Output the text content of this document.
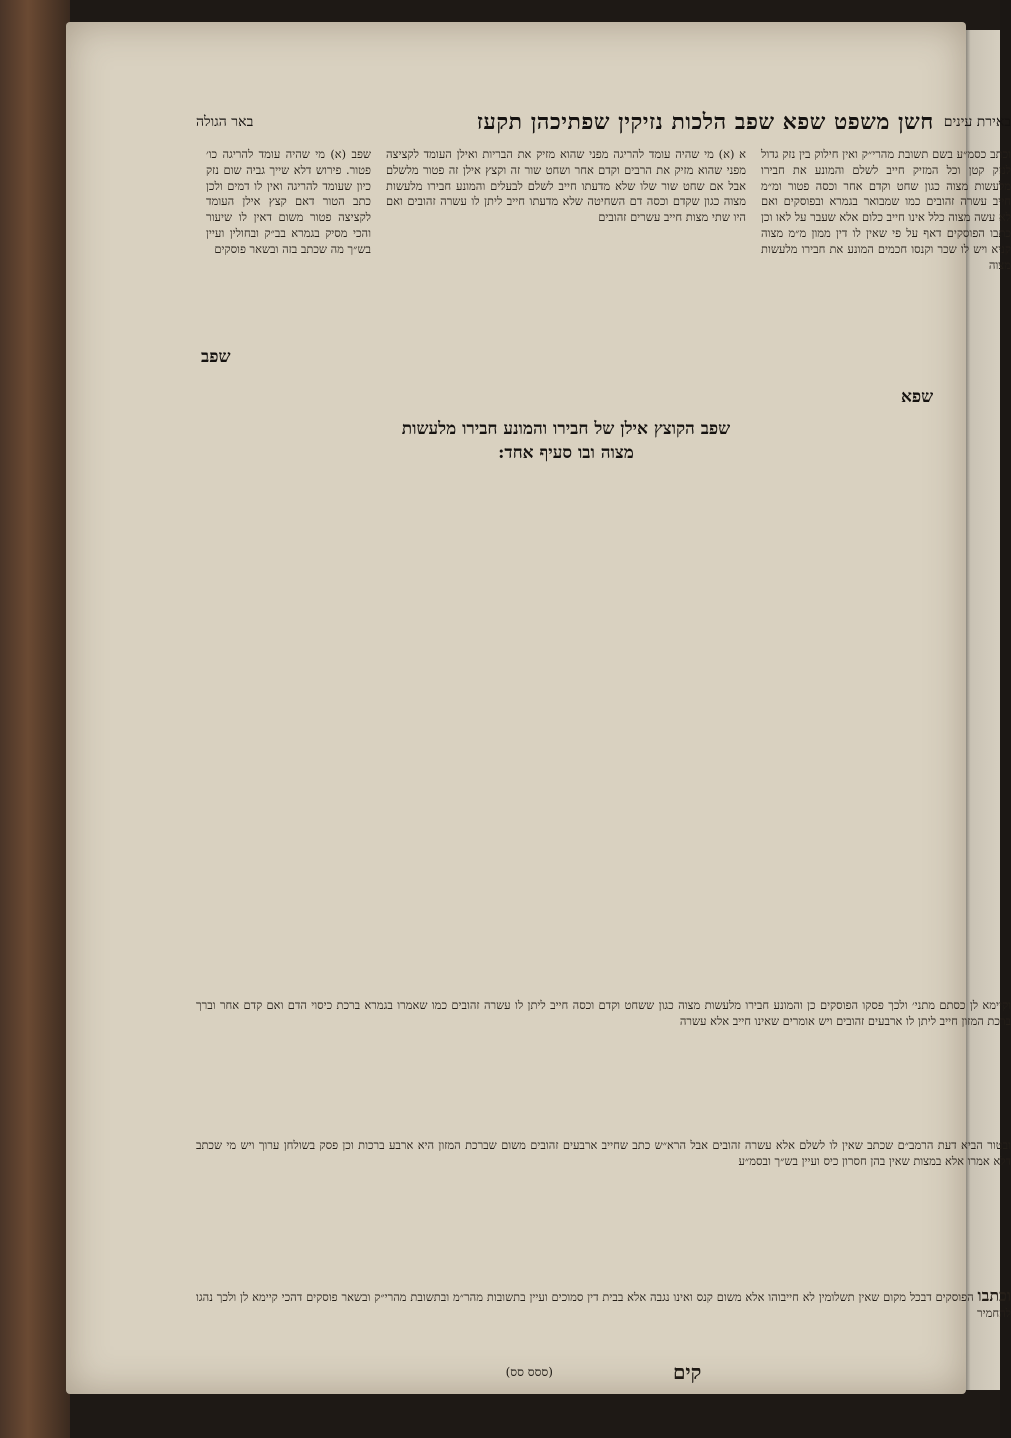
באירת עינים
חשן משפט שפא שפב הלכות נזיקין שפתיכהן תקעז
באר הגולה

וכתב כסמ״ע בשם תשובת מהרי״ק ואין חילוק בין נזק גדול לנזק קטן וכל המזיק חייב לשלם והמונע את חבירו מלעשות מצוה כגון שחט וקדם אחר וכסה פטור ומ״מ חייב עשרה זהובים כמו שמבואר בגמרא ובפוסקים ואם לא עשה מצוה כלל אינו חייב כלום אלא שעבר על לאו וכן כתבו הפוסקים דאף על פי שאין לו דין ממון מ״מ מצוה קניא ויש לו שכר וקנסו חכמים המונע את חבירו מלעשות מצוה

שפא

א (א) מי שהיה עומד להריגה מפני שהוא מזיק את הבריות ואילן העומד לקציצה מפני שהוא מזיק את הרבים וקדם אחר ושחט שור זה וקצץ אילן זה פטור מלשלם אבל אם שחט שור שלו שלא מדעתו חייב לשלם לבעלים והמונע חבירו מלעשות מצוה כגון שקדם וכסה דם השחיטה שלא מדעתו חייב ליתן לו עשרה זהובים ואם היו שתי מצות חייב עשרים זהובים

שפב הקוצץ אילן של חבירו והמונע חבירו מלעשות מצוה ובו סעיף אחד:

שפב (א) מי שהיה עומד להריגה כו׳ פטור. פירוש דלא שייך גביה שום נזק כיון שעומד להריגה ואין לו דמים ולכן כתב הטור דאם קצץ אילן העומד לקציצה פטור משום דאין לו שיעור והכי מסיק בגמרא בב״ק ובחולין ועיין בש״ך מה שכתב בזה ובשאר פוסקים

שפב

וקיימא לן כסתם מתני׳ ולכך פסקו הפוסקים כן והמונע חבירו מלעשות מצוה כגון ששחט וקדם וכסה חייב ליתן לו עשרה זהובים כמו שאמרו בגמרא ברכת כיסוי הדם ואם קדם אחר וברך ברכת המזון חייב ליתן לו ארבעים זהובים ויש אומרים שאינו חייב אלא עשרה

ובטור הביא דעת הרמב״ם שכתב שאין לו לשלם אלא עשרה זהובים אבל הרא״ש כתב שחייב ארבעים זהובים משום שברכת המזון היא ארבע ברכות וכן פסק בשולחן ערוך ויש מי שכתב דלא אמרו אלא במצות שאין בהן חסרון כיס ועיין בש״ך ובסמ״ע

וכתבו הפוסקים דבכל מקום שאין תשלומין לא חייבוהו אלא משום קנס ואינו נגבה אלא בבית דין סמוכים ועיין בתשובות מהר״מ ובתשובת מהרי״ק ובשאר פוסקים דהכי קיימא לן ולכך נהגו להחמיר

קים
(ססס סס)
